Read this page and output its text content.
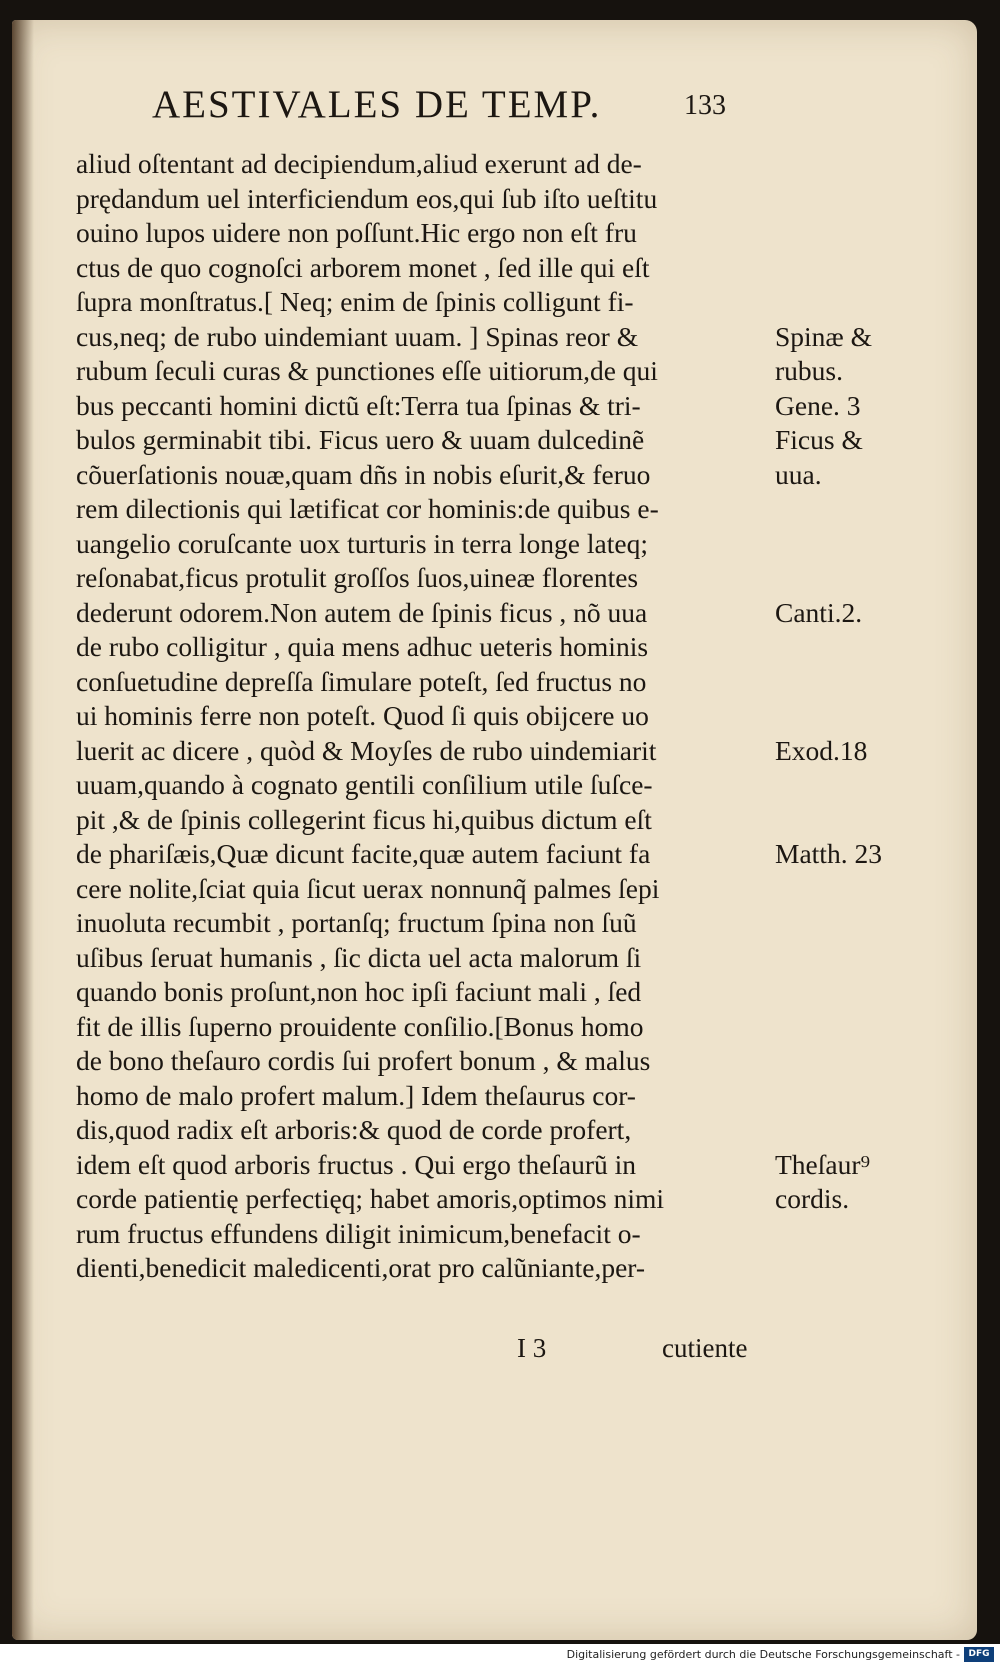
AESTIVALES DE TEMP.	133
aliud oſtentant ad decipiendum,aliud exerunt ad de-
prędandum uel interficiendum eos,qui ſub iſto ueſtitu
ouino lupos uidere non poſſunt.Hic ergo non eſt fru
ctus de quo cognoſci arborem monet , ſed ille qui eſt
ſupra monſtratus.[ Neq; enim de ſpinis colligunt fi-
cus,neq; de rubo uindemiant uuam. ] Spinas reor &
rubum ſeculi curas & punctiones eſſe uitiorum,de qui
bus peccanti homini dictũ eſt:Terra tua ſpinas & tri-
bulos germinabit tibi. Ficus uero & uuam dulcedinẽ
cõuerſationis nouæ,quam dñs in nobis eſurit,& feruo
rem dilectionis qui lætificat cor hominis:de quibus e-
uangelio coruſcante uox turturis in terra longe lateq;
reſonabat,ficus protulit groſſos ſuos,uineæ florentes
dederunt odorem.Non autem de ſpinis ficus , nõ uua
de rubo colligitur , quia mens adhuc ueteris hominis
conſuetudine depreſſa ſimulare poteſt, ſed fructus no
ui hominis ferre non poteſt. Quod ſi quis obijcere uo
luerit ac dicere , quòd & Moyſes de rubo uindemiarit
uuam,quando à cognato gentili conſilium utile ſuſce-
pit ,& de ſpinis collegerint ficus hi,quibus dictum eſt
de phariſæis,Quæ dicunt facite,quæ autem faciunt fa
cere nolite,ſciat quia ſicut uerax nonnunq̃ palmes ſepi
inuoluta recumbit , portanſq; fructum ſpina non ſuũ
uſibus ſeruat humanis , ſic dicta uel acta malorum ſi
quando bonis proſunt,non hoc ipſi faciunt mali , ſed
fit de illis ſuperno prouidente conſilio.[Bonus homo
de bono theſauro cordis ſui profert bonum , & malus
homo de malo profert malum.] Idem theſaurus cor-
dis,quod radix eſt arboris:& quod de corde profert,
idem eſt quod arboris fructus . Qui ergo theſaurũ in
corde patientię perfectięq; habet amoris,optimos nimi
rum fructus effundens diligit inimicum,benefacit o-
dienti,benedicit maledicenti,orat pro calũniante,per-
Spinæ &
rubus.
Gene. 3
Ficus &
uua.
Canti.2.
Exod.18
Matth. 23
Theſaur⁹
cordis.
I 3	cutiente
Digitalisierung gefördert durch die Deutsche Forschungsgemeinschaft - DFG
